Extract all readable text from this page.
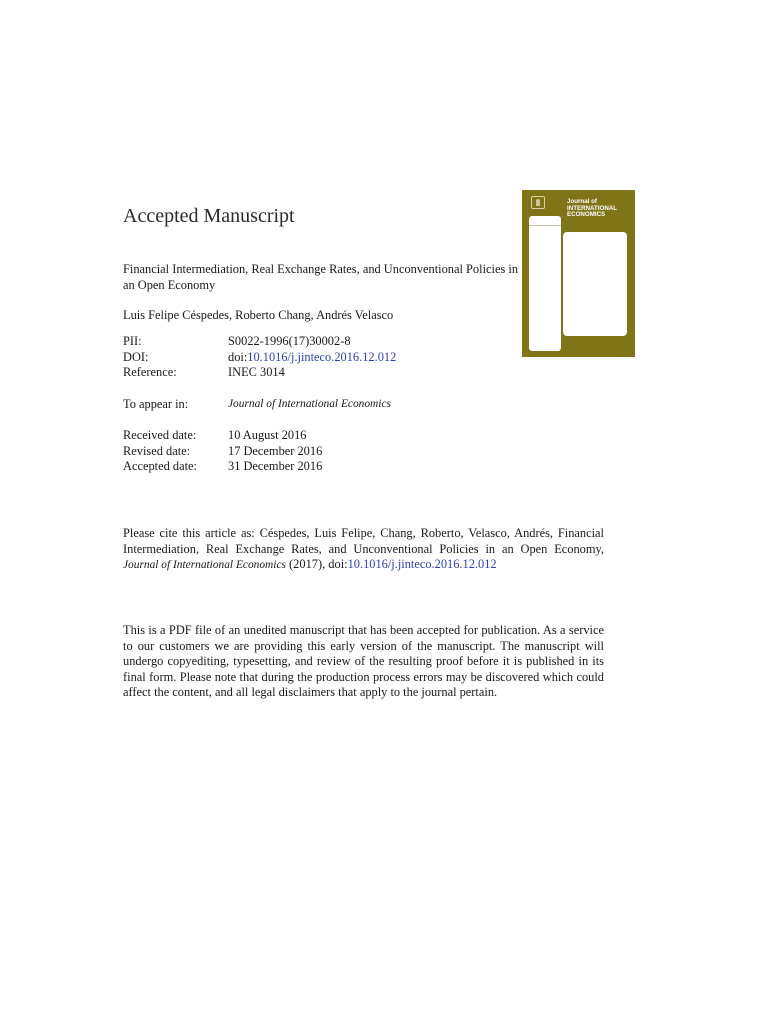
Accepted Manuscript
Financial Intermediation, Real Exchange Rates, and Unconventional Policies in an Open Economy
Luis Felipe Céspedes, Roberto Chang, Andrés Velasco
PII:	S0022-1996(17)30002-8
DOI:	doi:10.1016/j.jinteco.2016.12.012
Reference:	INEC 3014
To appear in:	Journal of International Economics
Received date:	10 August 2016
Revised date:	17 December 2016
Accepted date:	31 December 2016
Please cite this article as: Céspedes, Luis Felipe, Chang, Roberto, Velasco, Andrés, Financial Intermediation, Real Exchange Rates, and Unconventional Policies in an Open Economy, Journal of International Economics (2017), doi:10.1016/j.jinteco.2016.12.012
This is a PDF file of an unedited manuscript that has been accepted for publication. As a service to our customers we are providing this early version of the manuscript. The manuscript will undergo copyediting, typesetting, and review of the resulting proof before it is published in its final form. Please note that during the production process errors may be discovered which could affect the content, and all legal disclaimers that apply to the journal pertain.
Journal of INTERNATIONAL ECONOMICS
